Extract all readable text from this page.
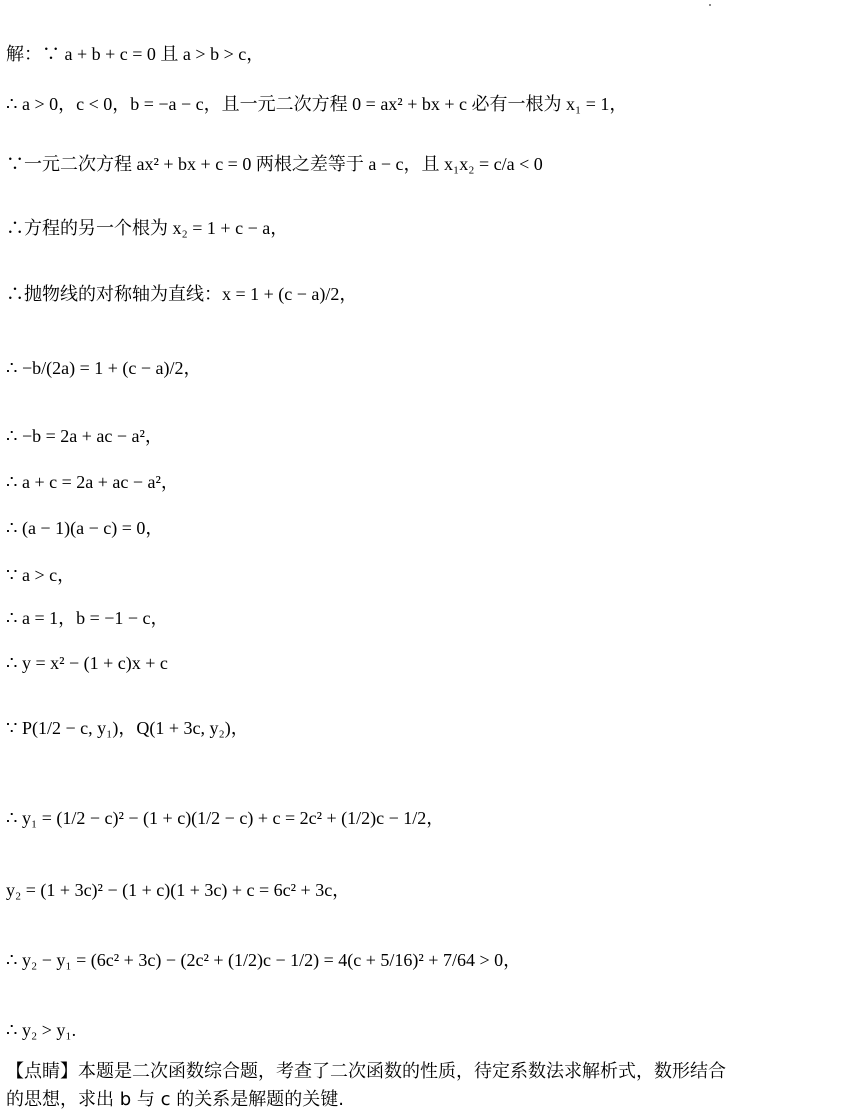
解：∵ a + b + c = 0 且 a > b > c，
∴ a > 0，c < 0，b = −a − c，且一元二次方程 0 = ax² + bx + c 必有一根为 x₁ = 1，
∵一元二次方程 ax² + bx + c = 0 两根之差等于 a − c，且 x₁x₂ = c/a < 0
∴方程的另一个根为 x₂ = 1 + c − a，
∴抛物线的对称轴为直线：x = 1 + (c − a)/2，
∴ −b/(2a) = 1 + (c − a)/2，
∴ −b = 2a + ac − a²，
∴ a + c = 2a + ac − a²，
∴ (a − 1)(a − c) = 0，
∵ a > c，
∴ a = 1，b = −1 − c，
∴ y = x² − (1 + c)x + c
∵ P(1/2 − c, y₁)，Q(1 + 3c, y₂)，
∴ y₁ = (1/2 − c)² − (1 + c)(1/2 − c) + c = 2c² + (1/2)c − 1/2，
y₂ = (1 + 3c)² − (1 + c)(1 + 3c) + c = 6c² + 3c，
∴ y₂ − y₁ = (6c² + 3c) − (2c² + (1/2)c − 1/2) = 4(c + 5/16)² + 7/64 > 0，
∴ y₂ > y₁.
【点睛】本题是二次函数综合题，考查了二次函数的性质，待定系数法求解析式，数形结合
的思想，求出 b 与 c 的关系是解题的关键.
